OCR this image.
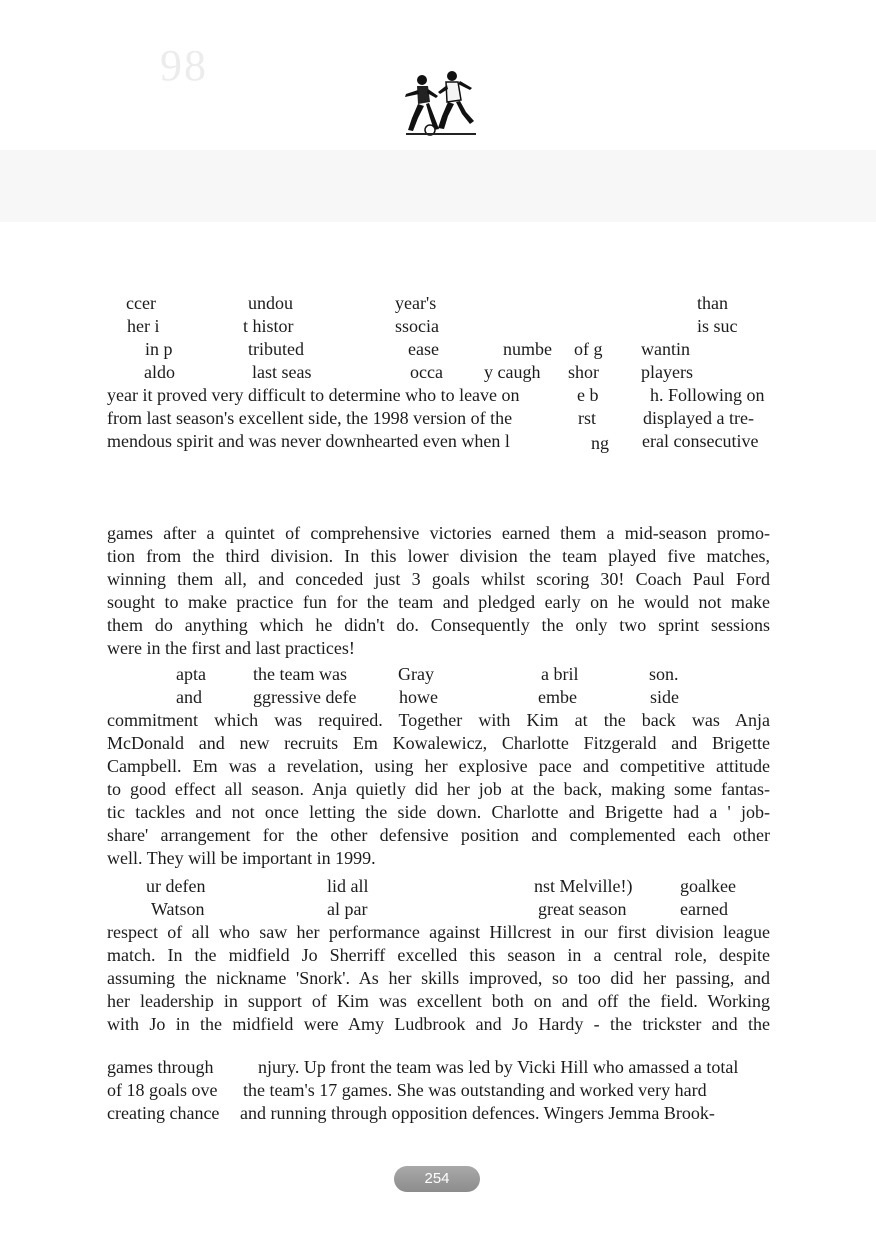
98
ccer	undou	year's	than
her i	t histor	ssocia	is suc
in p	tributed	ease	numbe of g wantin
aldo	last seas	occa y caugh shor players
year it proved very difficult to determine who to leave on	e b	h. Following on
from last season's excellent side, the 1998 version of the	rst	displayed a tre-
mendous spirit and was never downhearted even when l	ng eral consecutive
games after a quintet of comprehensive victories earned them a mid-season promo-
tion from the third division. In this lower division the team played five matches,
winning them all, and conceded just 3 goals whilst scoring 30! Coach Paul Ford
sought to make practice fun for the team and pledged early on he would not make
them do anything which he didn't do. Consequently the only two sprint sessions
were in the first and last practices!
apta	the team was	Gray	a bril	son.
and	ggressive defe howe	embe	side
commitment which was required. Together with Kim at the back was Anja
McDonald and new recruits Em Kowalewicz, Charlotte Fitzgerald and Brigette
Campbell. Em was a revelation, using her explosive pace and competitive attitude
to good effect all season. Anja quietly did her job at the back, making some fantas-
tic tackles and not once letting the side down. Charlotte and Brigette had a ' job-
share' arrangement for the other defensive position and complemented each other
well. They will be important in 1999.
ur defen	lid all	nst Melville!)	goalkee
Watson	al par	great season	earned
respect of all who saw her performance against Hillcrest in our first division league
match. In the midfield Jo Sherriff excelled this season in a central role, despite
assuming the nickname 'Snork'. As her skills improved, so too did her passing, and
her leadership in support of Kim was excellent both on and off the field. Working
with Jo in the midfield were Amy Ludbrook and Jo Hardy - the trickster and the
games through njury. Up front the team was led by Vicki Hill who amassed a total
of 18 goals ove the team's 17 games. She was outstanding and worked very hard
creating chance and running through opposition defences. Wingers Jemma Brook-
254
